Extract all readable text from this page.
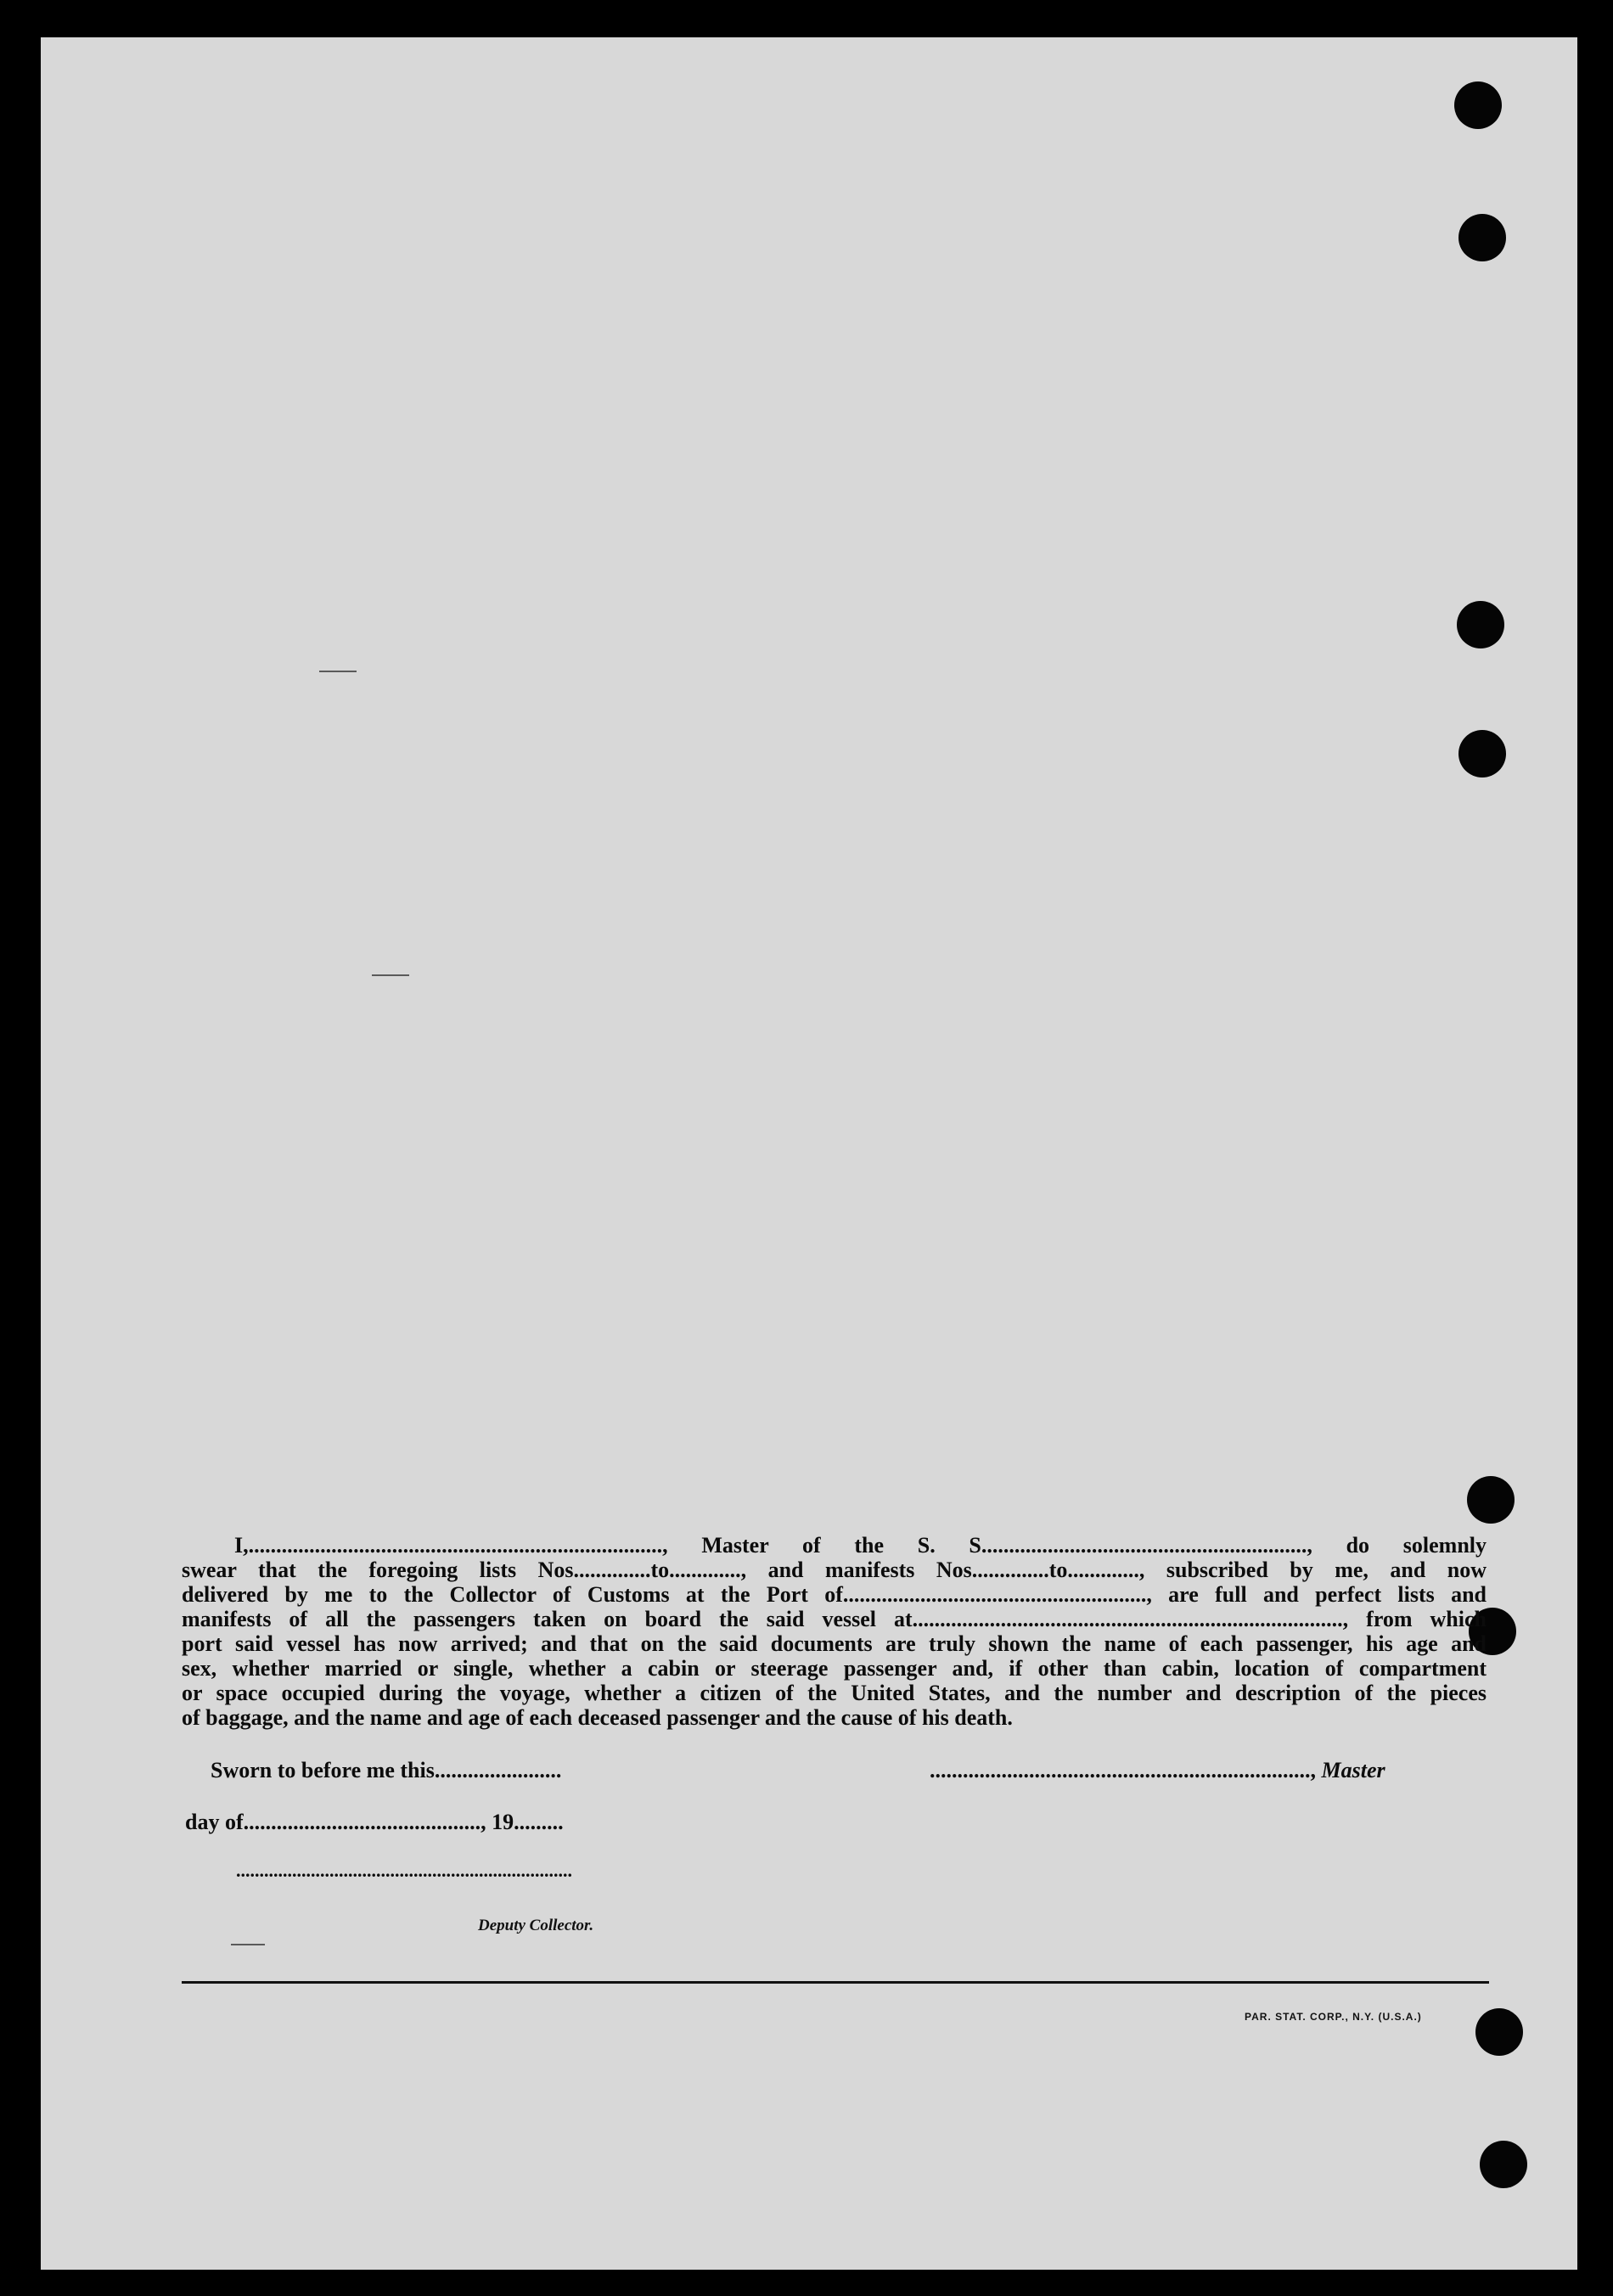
I,..........................................................................., Master of the S. S..........................................................., do solemnly
swear that the foregoing lists Nos..............to............., and manifests Nos..............to............., subscribed by me, and now
delivered by me to the Collector of Customs at the Port of......................................................., are full and perfect lists and
manifests of all the passengers taken on board the said vessel at.............................................................................., from which
port said vessel has now arrived; and that on the said documents are truly shown the name of each passenger, his age and
sex, whether married or single, whether a cabin or steerage passenger and, if other than cabin, location of compartment
or space occupied during the voyage, whether a citizen of the United States, and the number and description of the pieces
of baggage, and the name and age of each deceased passenger and the cause of his death.
Sworn to before me this.......................	....................................................................., Master
day of..........................................., 19.........
........................................................................
Deputy Collector.
PAR. STAT. CORP., N.Y. (U.S.A.)
